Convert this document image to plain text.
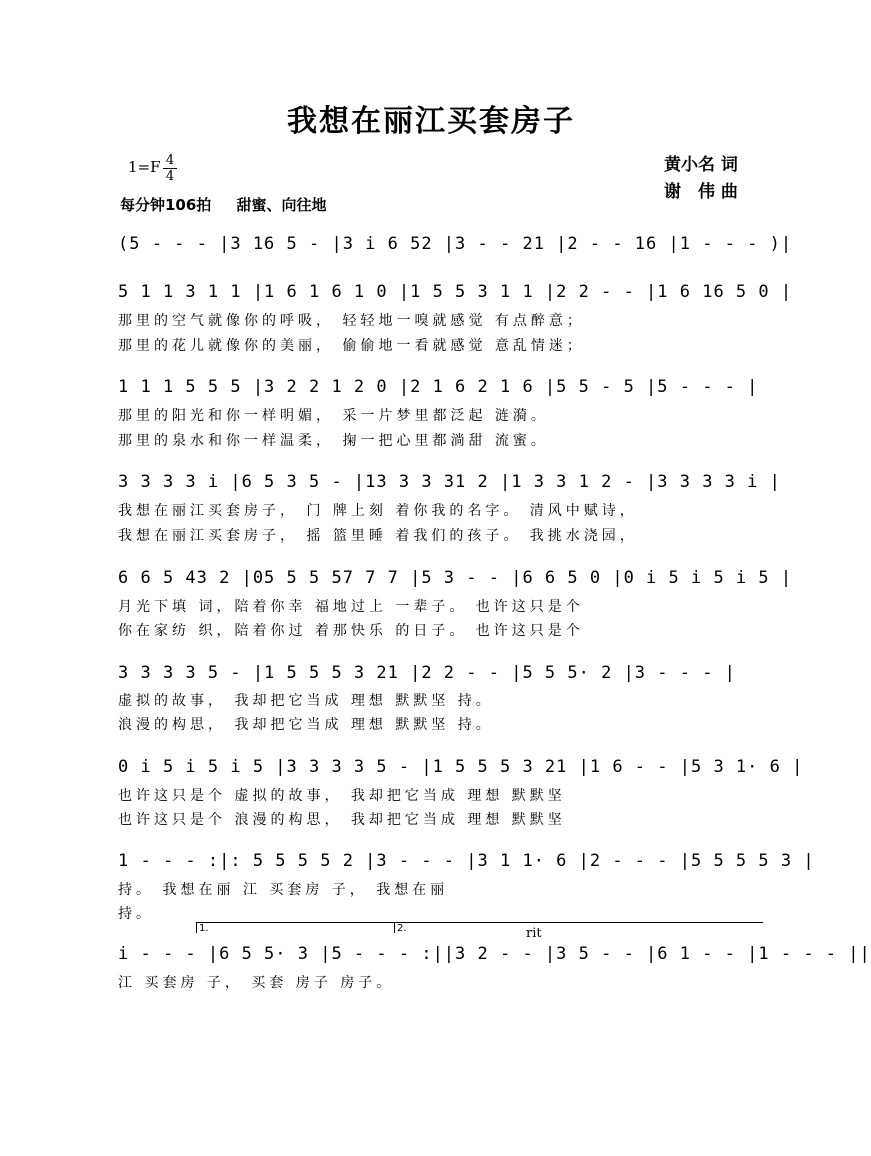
我想在丽江买套房子
1=F 4
4
黄小名 词
谢　伟 曲
每分钟106拍 甜蜜、向往地
(5 - - - |3 16 5 - |3 i 6 52 |3 - - 21 |2 - - 16 |1 - - - )|
5 1 1 3 1 1 |1 6 1 6 1 0 |1 5 5 3 1 1 |2 2 - - |1 6 16 5 0 |
那里的空气就像你的呼吸， 轻轻地一嗅就感觉 有点醉意；
那里的花儿就像你的美丽， 偷偷地一看就感觉 意乱情迷；
1 1 1 5 5 5 |3 2 2 1 2 0 |2 1 6 2 1 6 |5 5 - 5 |5 - - - |
那里的阳光和你一样明媚， 采一片梦里都泛起 涟漪。
那里的泉水和你一样温柔， 掬一把心里都淌甜 流蜜。
3 3 3 3 i |6 5 3 5 - |13 3 3 31 2 |1 3 3 1 2 - |3 3 3 3 i |
我想在丽江买套房子， 门 牌上刻 着你我的名字。 清风中赋诗，
我想在丽江买套房子， 摇 篮里睡 着我们的孩子。 我挑水浇园，
6 6 5 43 2 |05 5 5 57 7 7 |5 3 - - |6 6 5 0 |0 i 5 i 5 i 5 |
月光下填 词，陪着你幸 福地过上 一辈子。 也许这只是个
你在家纺 织，陪着你过 着那快乐 的日子。 也许这只是个
3 3 3 3 5 - |1 5 5 5 3 21 |2 2 - - |5 5 5· 2 |3 - - - |
虚拟的故事， 我却把它当成 理想 默默坚 持。
浪漫的构思， 我却把它当成 理想 默默坚 持。
0 i 5 i 5 i 5 |3 3 3 3 5 - |1 5 5 5 3 21 |1 6 - - |5 3 1· 6 |
也许这只是个 虚拟的故事， 我却把它当成 理想 默默坚
也许这只是个 浪漫的构思， 我却把它当成 理想 默默坚
1 - - - :|: 5 5 5 5 2 |3 - - - |3 1 1· 6 |2 - - - |5 5 5 5 3 |
持。 我想在丽 江 买套房 子， 我想在丽
持。
1.	2.	rit
i - - - |6 5 5· 3 |5 - - - :||3 2 - - |3 5 - - |6 1 - - |1 - - - ||
江 买套房 子， 买套 房子 房子。
